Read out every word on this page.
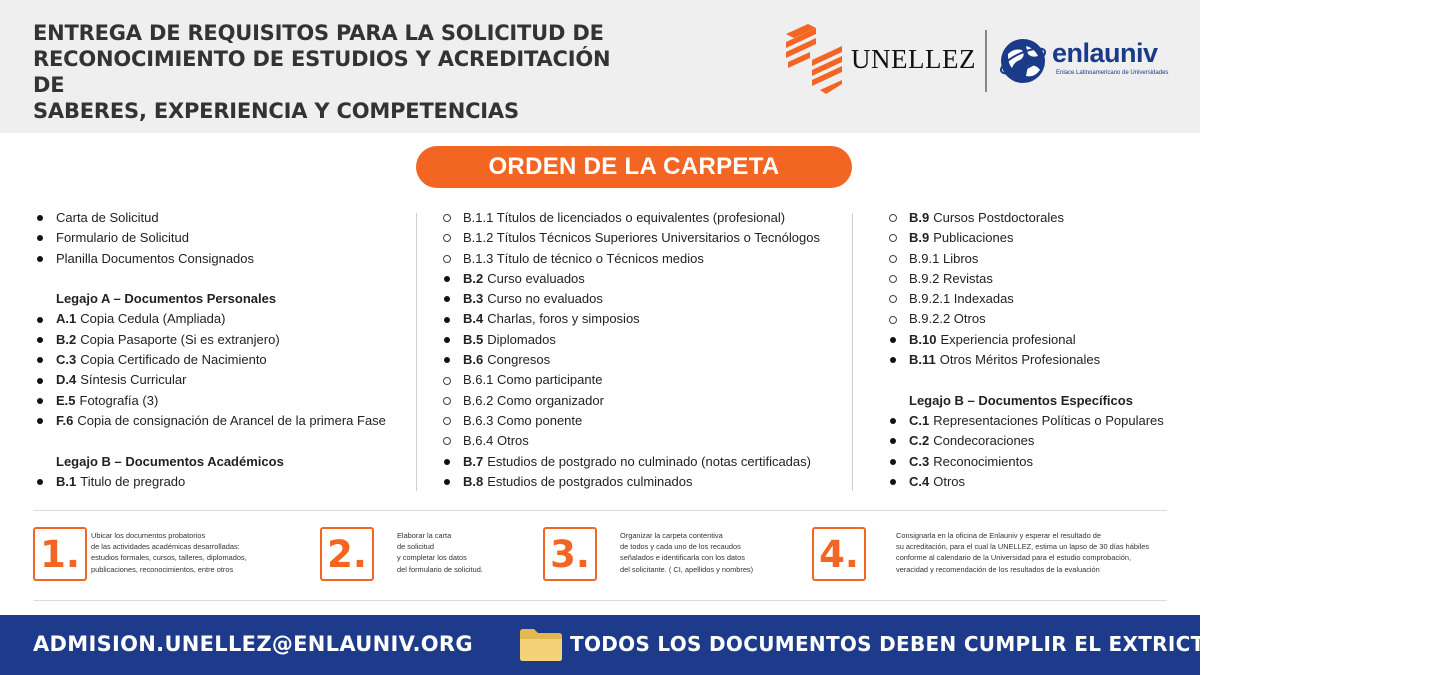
ENTREGA DE REQUISITOS PARA LA SOLICITUD DE
RECONOCIMIENTO DE ESTUDIOS Y ACREDITACIÓN DE
SABERES, EXPERIENCIA Y COMPETENCIAS
UNELLEZ	enlauniv
Enlace Latinoamericano de Universidades
ORDEN DE LA CARPETA
Carta de Solicitud
Formulario de Solicitud
Planilla Documentos Consignados
Legajo A – Documentos Personales
A.1 Copia Cedula (Ampliada)
B.2 Copia Pasaporte (Si es extranjero)
C.3 Copia Certificado de Nacimiento
D.4 Síntesis Curricular
E.5 Fotografía (3)
F.6 Copia de consignación de Arancel de la primera Fase
Legajo B – Documentos Académicos
B.1 Titulo de pregrado
B.1.1 Títulos de licenciados o equivalentes (profesional)
B.1.2 Títulos Técnicos Superiores Universitarios o Tecnólogos
B.1.3 Título de técnico o Técnicos medios
B.2 Curso evaluados
B.3 Curso no evaluados
B.4 Charlas, foros y simposios
B.5 Diplomados
B.6 Congresos
B.6.1 Como participante
B.6.2 Como organizador
B.6.3 Como ponente
B.6.4 Otros
B.7 Estudios de postgrado no culminado (notas certificadas)
B.8 Estudios de postgrados culminados
B.9 Cursos Postdoctorales
B.9 Publicaciones
B.9.1 Libros
B.9.2 Revistas
B.9.2.1 Indexadas
B.9.2.2 Otros
B.10 Experiencia profesional
B.11 Otros Méritos Profesionales
Legajo B – Documentos Específicos
C.1 Representaciones Políticas o Populares
C.2 Condecoraciones
C.3 Reconocimientos
C.4 Otros
1.	Ubicar los documentos probatorios
de las actividades académicas desarrolladas:
estudios formales, cursos, talleres, diplomados,
publicaciones, reconocimientos, entre otros	2.	Elaborar la carta
de solicitud
y completar los datos
del formulario de solicitud. 3.	Organizar la carpeta contentiva
de todos y cada uno de los recaudos
señalados e identificarla con los datos
del solicitante. ( CI, apellidos y nombres) 4.	Consignarla en la oficina de Enlauniv y esperar el resultado de
su acreditación, para el cual la UNELLEZ, estima un lapso de 30 días hábiles
conforme al calendario de la Universidad para el estudio comprobación,
veracidad y recomendación de los resultados de la evaluación
ADMISION.UNELLEZ@ENLAUNIV.ORG	TODOS LOS DOCUMENTOS DEBEN CUMPLIR EL EXTRICTO ORDEN SOLICITADO
